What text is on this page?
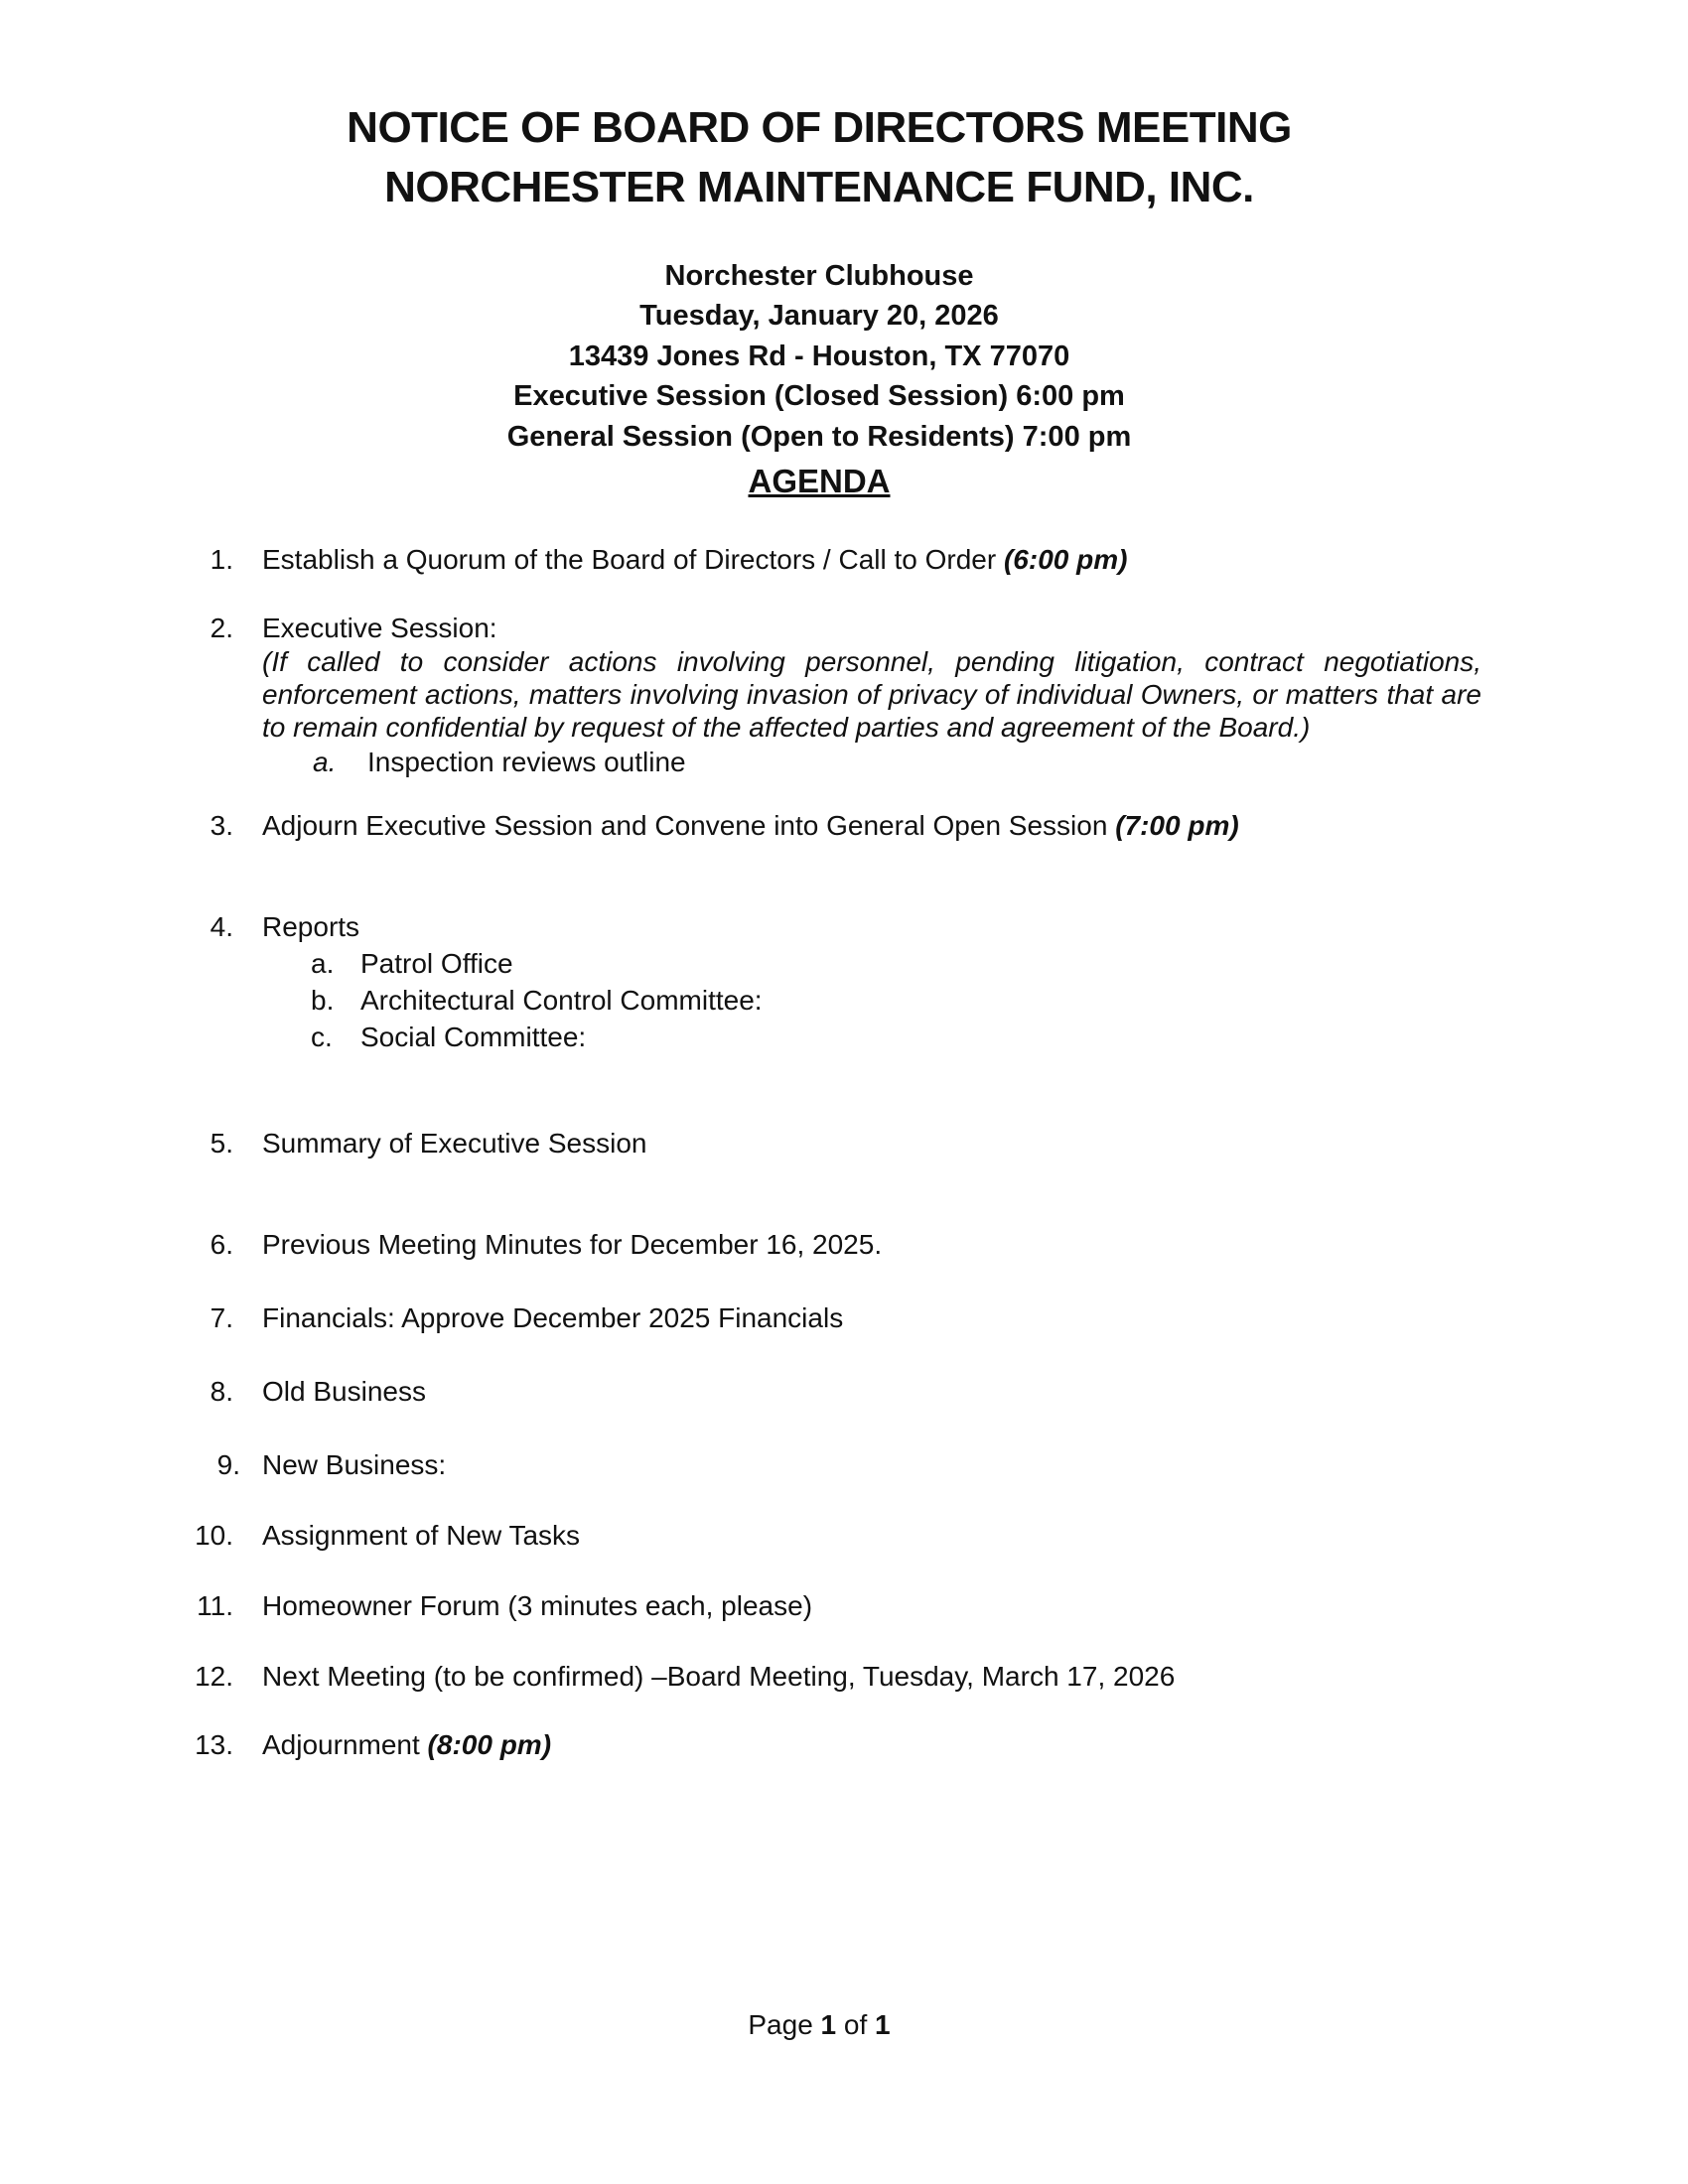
NOTICE OF BOARD OF DIRECTORS MEETING
NORCHESTER MAINTENANCE FUND, INC.
Norchester Clubhouse
Tuesday, January 20, 2026
13439 Jones Rd - Houston, TX 77070
Executive Session (Closed Session) 6:00 pm
General Session (Open to Residents) 7:00 pm
AGENDA
1. Establish a Quorum of the Board of Directors / Call to Order (6:00 pm)
2. Executive Session:
(If called to consider actions involving personnel, pending litigation, contract negotiations, enforcement actions, matters involving invasion of privacy of individual Owners, or matters that are to remain confidential by request of the affected parties and agreement of the Board.)
a.	Inspection reviews outline
3. Adjourn Executive Session and Convene into General Open Session (7:00 pm)
4. Reports
a. Patrol Office
b. Architectural Control Committee:
c.	Social Committee:
5. Summary of Executive Session
6. Previous Meeting Minutes for December 16, 2025.
7. Financials: Approve December 2025 Financials
8. Old Business
9. New Business:
10. Assignment of New Tasks
11. Homeowner Forum (3 minutes each, please)
12. Next Meeting (to be confirmed) –Board Meeting, Tuesday, March 17, 2026
13. Adjournment (8:00 pm)
Page 1 of 1
